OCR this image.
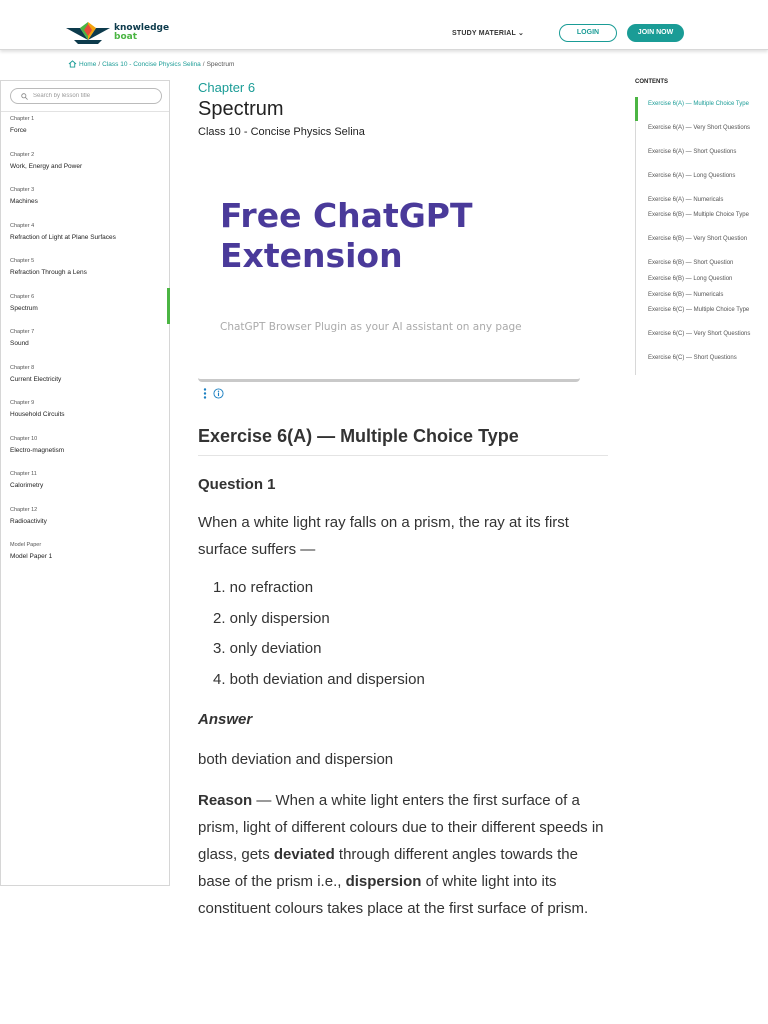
knowledge
boat	STUDY MATERIAL ⌄	LOGIN	JOIN NOW
Home / Class 10 - Concise Physics Selina / Spectrum
Search by lesson title
Chapter 1
Force
Chapter 2
Work, Energy and Power
Chapter 3
Machines
Chapter 4
Refraction of Light at Plane Surfaces
Chapter 5
Refraction Through a Lens
Chapter 6
Spectrum
Chapter 7
Sound
Chapter 8
Current Electricity
Chapter 9
Household Circuits
Chapter 10
Electro-magnetism
Chapter 11
Calorimetry
Chapter 12
Radioactivity
Model Paper
Model Paper 1
Chapter 6
Spectrum
Class 10 - Concise Physics Selina
Free ChatGPT Extension
ChatGPT Browser Plugin as your AI assistant on any page
Exercise 6(A) — Multiple Choice Type
Question 1
When a white light ray falls on a prism, the ray at its first surface suffers —
1. no refraction
2. only dispersion
3. only deviation
4. both deviation and dispersion
Answer
both deviation and dispersion
Reason — When a white light enters the first surface of a prism, light of different colours due to their different speeds in glass, gets deviated through different angles towards the base of the prism i.e., dispersion of white light into its constituent colours takes place at the first surface of prism.
CONTENTS
Exercise 6(A) — Multiple Choice Type
Exercise 6(A) — Very Short Questions
Exercise 6(A) — Short Questions
Exercise 6(A) — Long Questions
Exercise 6(A) — Numericals
Exercise 6(B) — Multiple Choice Type
Exercise 6(B) — Very Short Question
Exercise 6(B) — Short Question
Exercise 6(B) — Long Question
Exercise 6(B) — Numericals
Exercise 6(C) — Multiple Choice Type
Exercise 6(C) — Very Short Questions
Exercise 6(C) — Short Questions
